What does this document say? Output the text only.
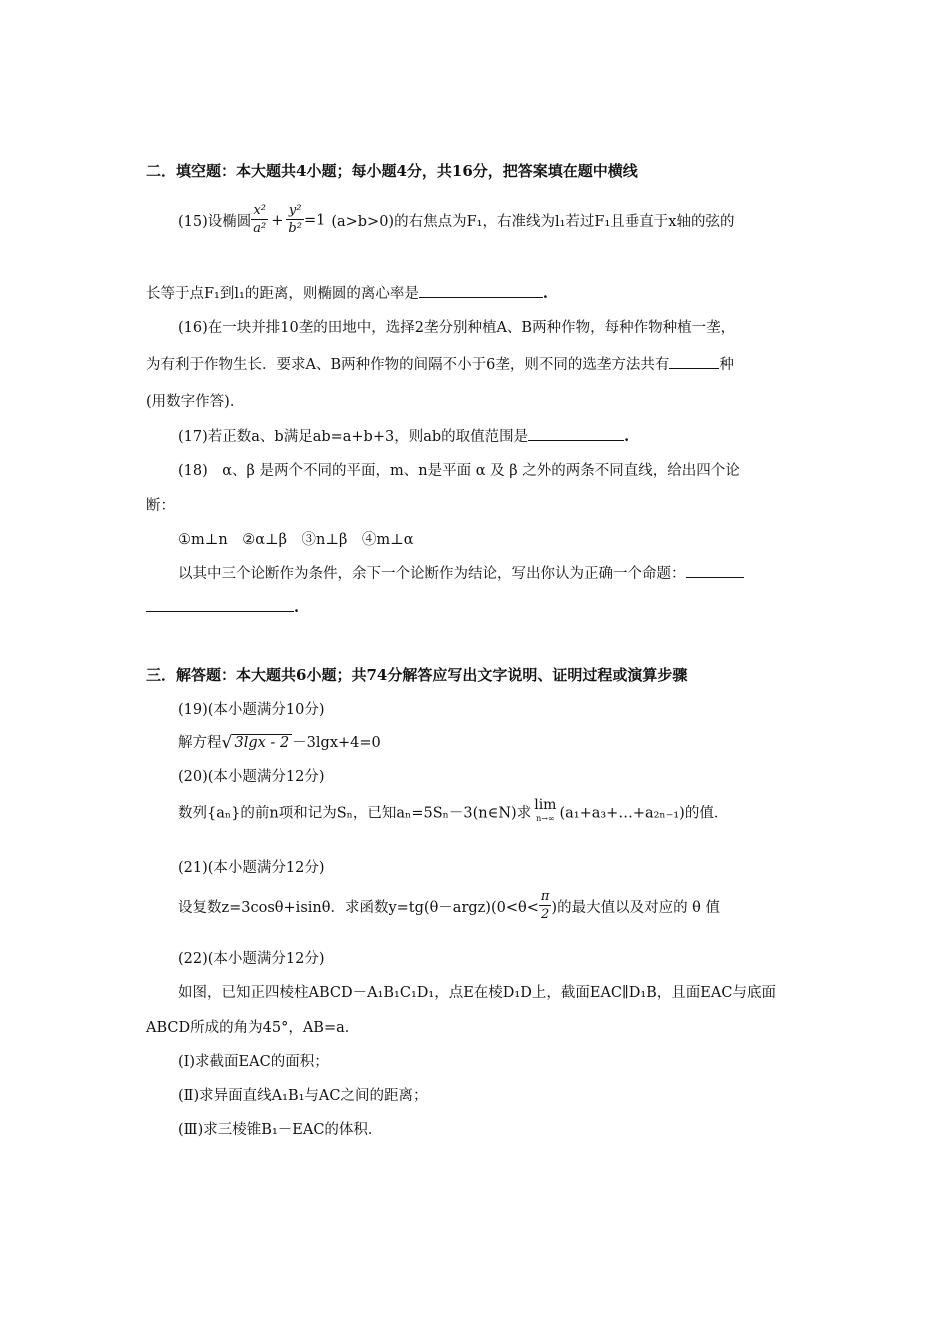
二．填空题：本大题共4小题；每小题4分，共16分，把答案填在题中横线
(15)设椭圆 $\frac{\text{x²}}{\text{a²}} + \frac{\text{y²}}{\text{b²}} =1$ (a>b>0)的右焦点为F₁，右准线为l₁若过F₁且垂直于x轴的弦的
长等于点F₁到l₁的距离，则椭圆的离心率是	.
(16)在一块并排10垄的田地中，选择2垄分别种植A、B两种作物，每种作物种植一垄，
为有利于作物生长．要求A、B两种作物的间隔不小于6垄，则不同的选垄方法共有	种
(用数字作答)．
(17)若正数a、b满足ab=a+b+3，则ab的取值范围是	.
(18)　α、β 是两个不同的平面，m、n是平面 α 及 β 之外的两条不同直线，给出四个论
断：
①m⊥n　②α⊥β　③n⊥β　④m⊥α
以其中三个论断作为条件，余下一个论断作为结论，写出你认为正确一个命题：
.
三．解答题：本大题共6小题；共74分解答应写出文字说明、证明过程或演算步骤
(19)(本小题满分10分)
解方程 √ 3lgx - 2 －3lgx+4=0
(20)(本小题满分12分)
数列{aₙ}的前n项和记为Sₙ，已知aₙ=5Sₙ－3(n∈N)求
lim
n→∞ (a₁+a₃+…+a₂ₙ₋₁)的值．
(21)(本小题满分12分)
设复数z=3cosθ+isinθ．求函数y=tg(θ－argz)(0<θ< $\frac{\pi}{2}$ )的最大值以及对应的 θ 值
(22)(本小题满分12分)
如图，已知正四棱柱ABCD－A₁B₁C₁D₁，点E在棱D₁D上，截面EAC∥D₁B，且面EAC与底面
ABCD所成的角为45°，AB=a．
(Ⅰ)求截面EAC的面积；
(Ⅱ)求异面直线A₁B₁与AC之间的距离；
(Ⅲ)求三棱锥B₁－EAC的体积．
